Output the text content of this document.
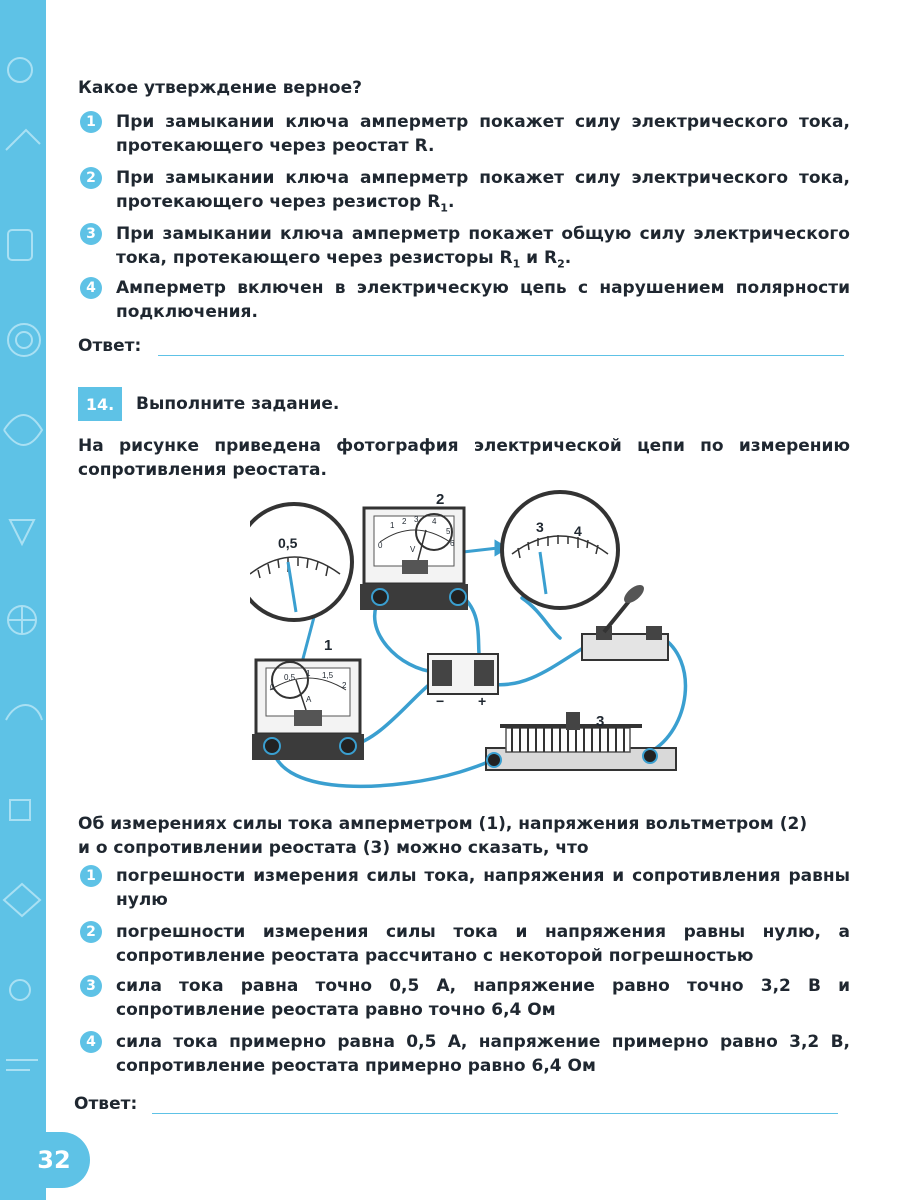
32
Какое утверждение верное?
1	При замыкании ключа амперметр покажет силу электрического тока, протекающего через реостат R.
2	При замыкании ключа амперметр покажет силу электрического тока, протекающего через резистор $R_1$.
3	При замыкании ключа амперметр покажет общую силу электрического тока, протекающего через резисторы $R_1$ и $R_2$.
4	Амперметр включен в электрическую цепь с нарушением полярности подключения.
Ответ:
14.	Выполните задание.
На рисунке приведена фотография электрической цепи по измерению сопротивления реостата.
Об измерениях силы тока амперметром (1), напряжения вольтметром (2)
и о сопротивлении реостата (3) можно сказать, что
1	погрешности измерения силы тока, напряжения и сопротивления равны нулю
2	погрешности измерения силы тока и напряжения равны нулю, а сопротивление реостата рассчитано с некоторой погрешностью
3	сила тока равна точно 0,5 А, напряжение равно точно 3,2 В и сопротивление реостата равно точно 6,4 Ом
4	сила тока примерно равна 0,5 А, напряжение примерно равно 3,2 В, сопротивление реостата примерно равно 6,4 Ом
Ответ:
0,5
3 4
0
1 2 3 4
5
6
V
2
0
0,5 1 1,5
2
A
1
− +
3
